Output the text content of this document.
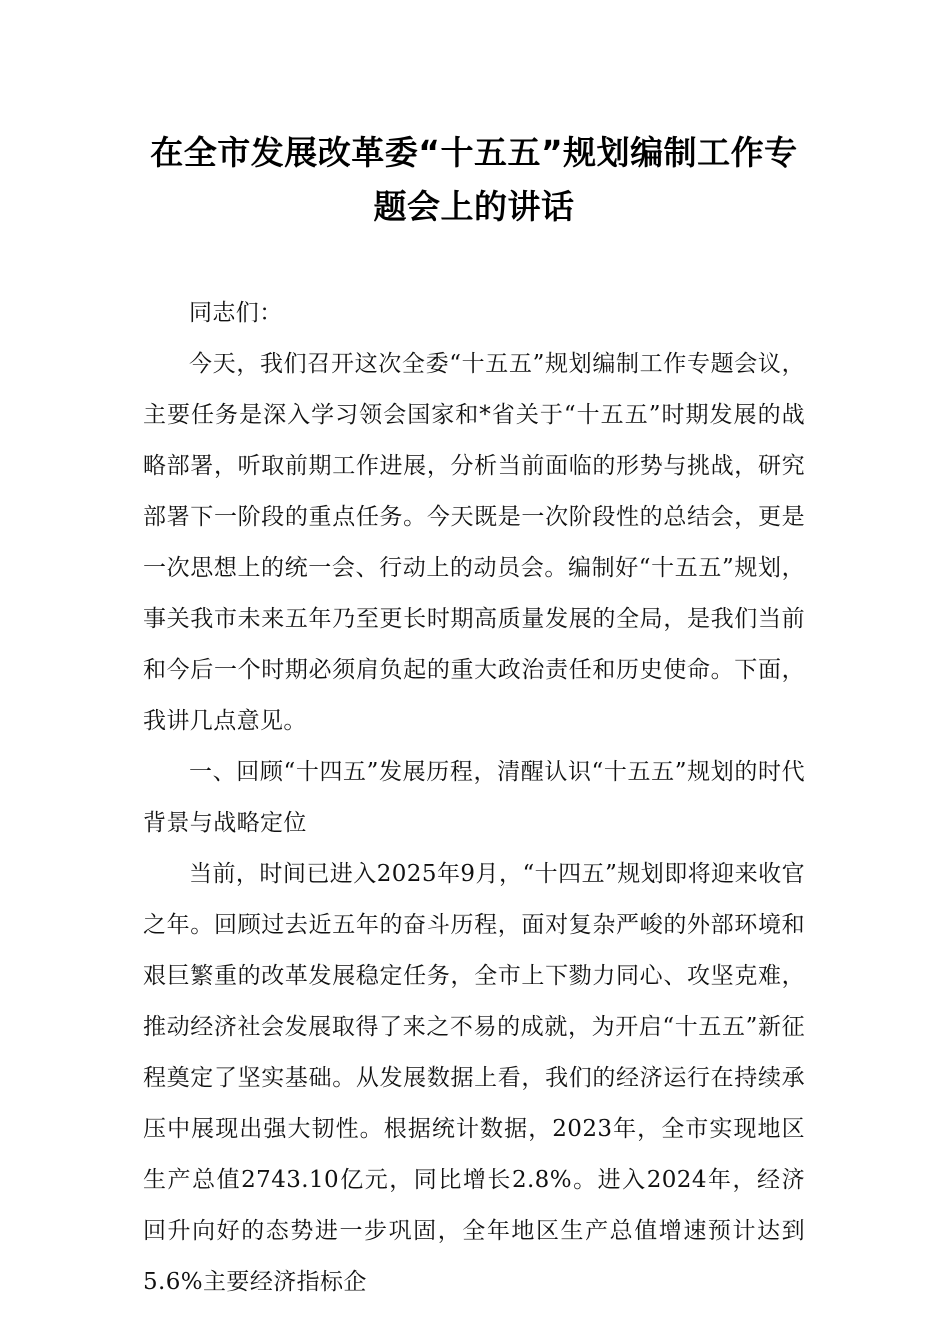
在全市发展改革委“十五五”规划编制工作专题会上的讲话

同志们：

今天，我们召开这次全委“十五五”规划编制工作专题会议，主要任务是深入学习领会国家和*省关于“十五五”时期发展的战略部署，听取前期工作进展，分析当前面临的形势与挑战，研究部署下一阶段的重点任务。今天既是一次阶段性的总结会，更是一次思想上的统一会、行动上的动员会。编制好“十五五”规划，事关我市未来五年乃至更长时期高质量发展的全局，是我们当前和今后一个时期必须肩负起的重大政治责任和历史使命。下面，我讲几点意见。

一、回顾“十四五”发展历程，清醒认识“十五五”规划的时代背景与战略定位

当前，时间已进入2025年9月，“十四五”规划即将迎来收官之年。回顾过去近五年的奋斗历程，面对复杂严峻的外部环境和艰巨繁重的改革发展稳定任务，全市上下勠力同心、攻坚克难，推动经济社会发展取得了来之不易的成就，为开启“十五五”新征程奠定了坚实基础。从发展数据上看，我们的经济运行在持续承压中展现出强大韧性。根据统计数据，2023年，全市实现地区生产总值2743.10亿元，同比增长2.8%。进入2024年，经济回升向好的态势进一步巩固，全年地区生产总值增速预计达到5.6%主要经济指标企
